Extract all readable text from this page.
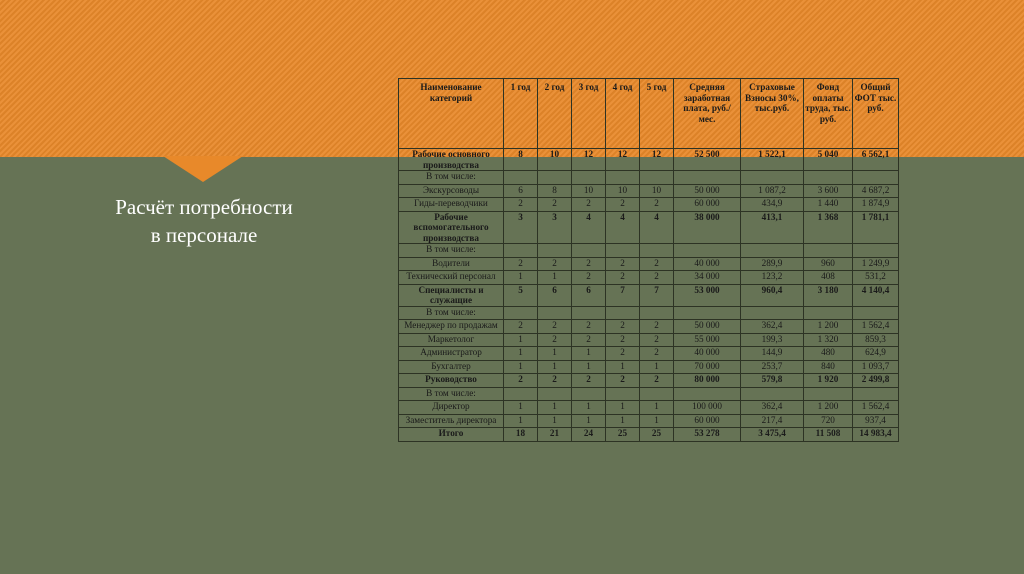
Расчёт потребности в персонале
Наименование категорий	1 год	2 год	3 год	4 год	5 год	Средняя заработная плата, руб./мес.	Страховые Взносы 30%, тыс.руб.	Фонд оплаты труда, тыс. руб.	Общий ФОТ тыс. руб.
Рабочие основного производства	8	10	12	12	12	52 500	1 522,1	5 040	6 562,1
В том числе:									
Экскурсоводы	6	8	10	10	10	50 000	1 087,2	3 600	4 687,2
Гиды-переводчики	2	2	2	2	2	60 000	434,9	1 440	1 874,9
Рабочие вспомогательного производства	3	3	4	4	4	38 000	413,1	1 368	1 781,1
В том числе:									
Водители	2	2	2	2	2	40 000	289,9	960	1 249,9
Технический персонал	1	1	2	2	2	34 000	123,2	408	531,2
Специалисты и служащие	5	6	6	7	7	53 000	960,4	3 180	4 140,4
В том числе:									
Менеджер по продажам	2	2	2	2	2	50 000	362,4	1 200	1 562,4
Маркетолог	1	2	2	2	2	55 000	199,3	1 320	859,3
Администратор	1	1	1	2	2	40 000	144,9	480	624,9
Бухгалтер	1	1	1	1	1	70 000	253,7	840	1 093,7
Руководство	2	2	2	2	2	80 000	579,8	1 920	2 499,8
В том числе:									
Директор	1	1	1	1	1	100 000	362,4	1 200	1 562,4
Заместитель директора	1	1	1	1	1	60 000	217,4	720	937,4
Итого	18	21	24	25	25	53 278	3 475,4	11 508	14 983,4
